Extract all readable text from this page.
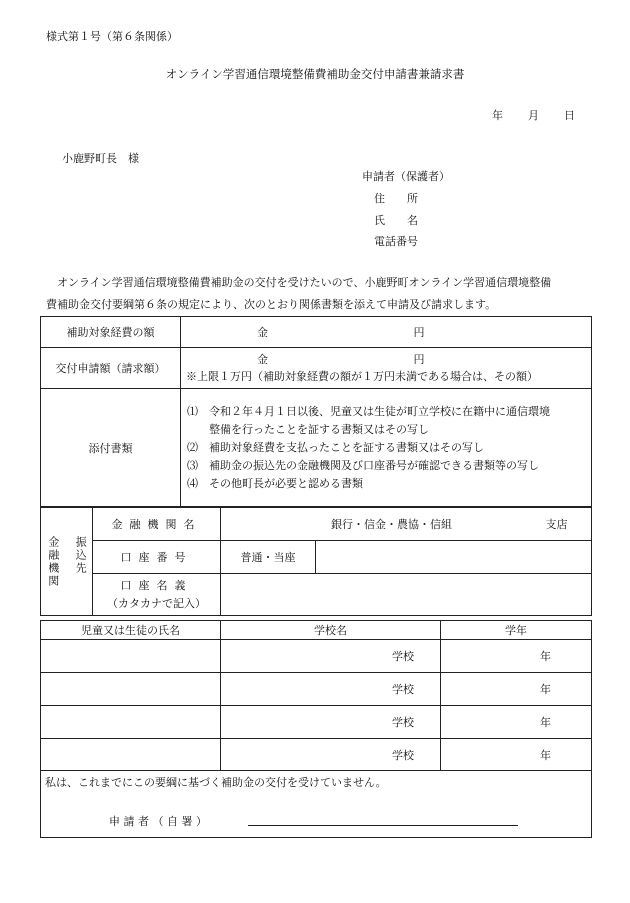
様式第１号（第６条関係）
オンライン学習通信環境整備費補助金交付申請書兼請求書
年 月 日
小鹿野町長　様
申請者（保護者）
住　　所
氏　　名
電話番号
　オンライン学習通信環境整備費補助金の交付を受けたいので、小鹿野町オンライン学習通信環境整備
費補助金交付要綱第６条の規定により、次のとおり関係書類を添えて申請及び請求します。
補助対象経費の額	金 円
交付申請額（請求額）	金 円
※上限１万円（補助対象経費の額が１万円未満である場合は、その額）

添付書類	⑴　令和２年４月１日以後、児童又は生徒が町立学校に在籍中に通信環境
　　整備を行ったことを証する書類又はその写し
⑵　補助対象経費を支払ったことを証する書類又はその写し
⑶　補助金の振込先の金融機関及び口座番号が確認できる書類等の写し
⑷　その他町長が必要と認める書類
金融機関 振込先	金融機関名	銀行・信金・農協・信組 支店	
	口座番号	普通・当座	

	口座名義
（カタカナで記入）		

児童又は生徒の氏名	学校名	学年
	学校	年
	学校	年
	学校	年
	学校	年

私は、これまでにこの要綱に基づく補助金の交付を受けていません。
申 請 者 （ 自 署 ）		
